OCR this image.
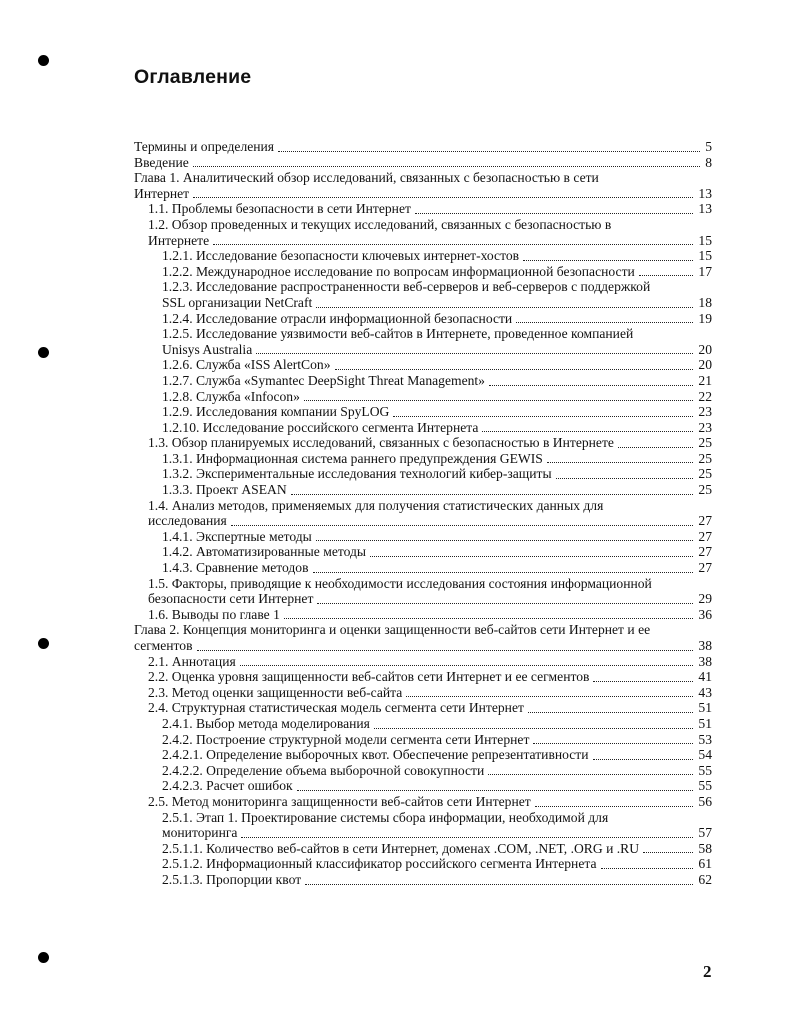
Оглавление
Термины и определения	5
Введение	8
Глава 1. Аналитический обзор исследований, связанных с безопасностью в сети
Интернет	13
1.1. Проблемы безопасности в сети Интернет	13
1.2. Обзор проведенных и текущих исследований, связанных с безопасностью в
Интернете	15
1.2.1. Исследование безопасности ключевых интернет-хостов	15
1.2.2. Международное исследование по вопросам информационной безопасности	17
1.2.3. Исследование распространенности веб-серверов и веб-серверов с поддержкой
SSL организации NetCraft	18
1.2.4. Исследование отрасли информационной безопасности	19
1.2.5. Исследование уязвимости веб-сайтов в Интернете, проведенное компанией
Unisys Australia	20
1.2.6. Служба «ISS AlertCon»	20
1.2.7. Служба «Symantec DeepSight Threat Management»	21
1.2.8. Служба «Infocon»	22
1.2.9. Исследования компании SpyLOG	23
1.2.10. Исследование российского сегмента Интернета	23
1.3. Обзор планируемых исследований, связанных с безопасностью в Интернете	25
1.3.1. Информационная система раннего предупреждения GEWIS	25
1.3.2. Экспериментальные исследования технологий кибер-защиты	25
1.3.3. Проект ASEAN	25
1.4. Анализ методов, применяемых для получения статистических данных для
исследования	27
1.4.1. Экспертные методы	27
1.4.2. Автоматизированные методы	27
1.4.3. Сравнение методов	27
1.5. Факторы, приводящие к необходимости исследования состояния информационной
безопасности сети Интернет	29
1.6. Выводы по главе 1	36
Глава 2. Концепция мониторинга и оценки защищенности веб-сайтов сети Интернет и ее
сегментов	38
2.1. Аннотация	38
2.2. Оценка уровня защищенности веб-сайтов сети Интернет и ее сегментов	41
2.3. Метод оценки защищенности веб-сайта	43
2.4. Структурная статистическая модель сегмента сети Интернет	51
2.4.1. Выбор метода моделирования	51
2.4.2. Построение структурной модели сегмента сети Интернет	53
2.4.2.1. Определение выборочных квот. Обеспечение репрезентативности	54
2.4.2.2. Определение объема выборочной совокупности	55
2.4.2.3. Расчет ошибок	55
2.5. Метод мониторинга защищенности веб-сайтов сети Интернет	56
2.5.1. Этап 1. Проектирование системы сбора информации, необходимой для
мониторинга	57
2.5.1.1. Количество веб-сайтов в сети Интернет, доменах .COM, .NET, .ORG и .RU	58
2.5.1.2. Информационный классификатор российского сегмента Интернета	61
2.5.1.3. Пропорции квот	62
2
